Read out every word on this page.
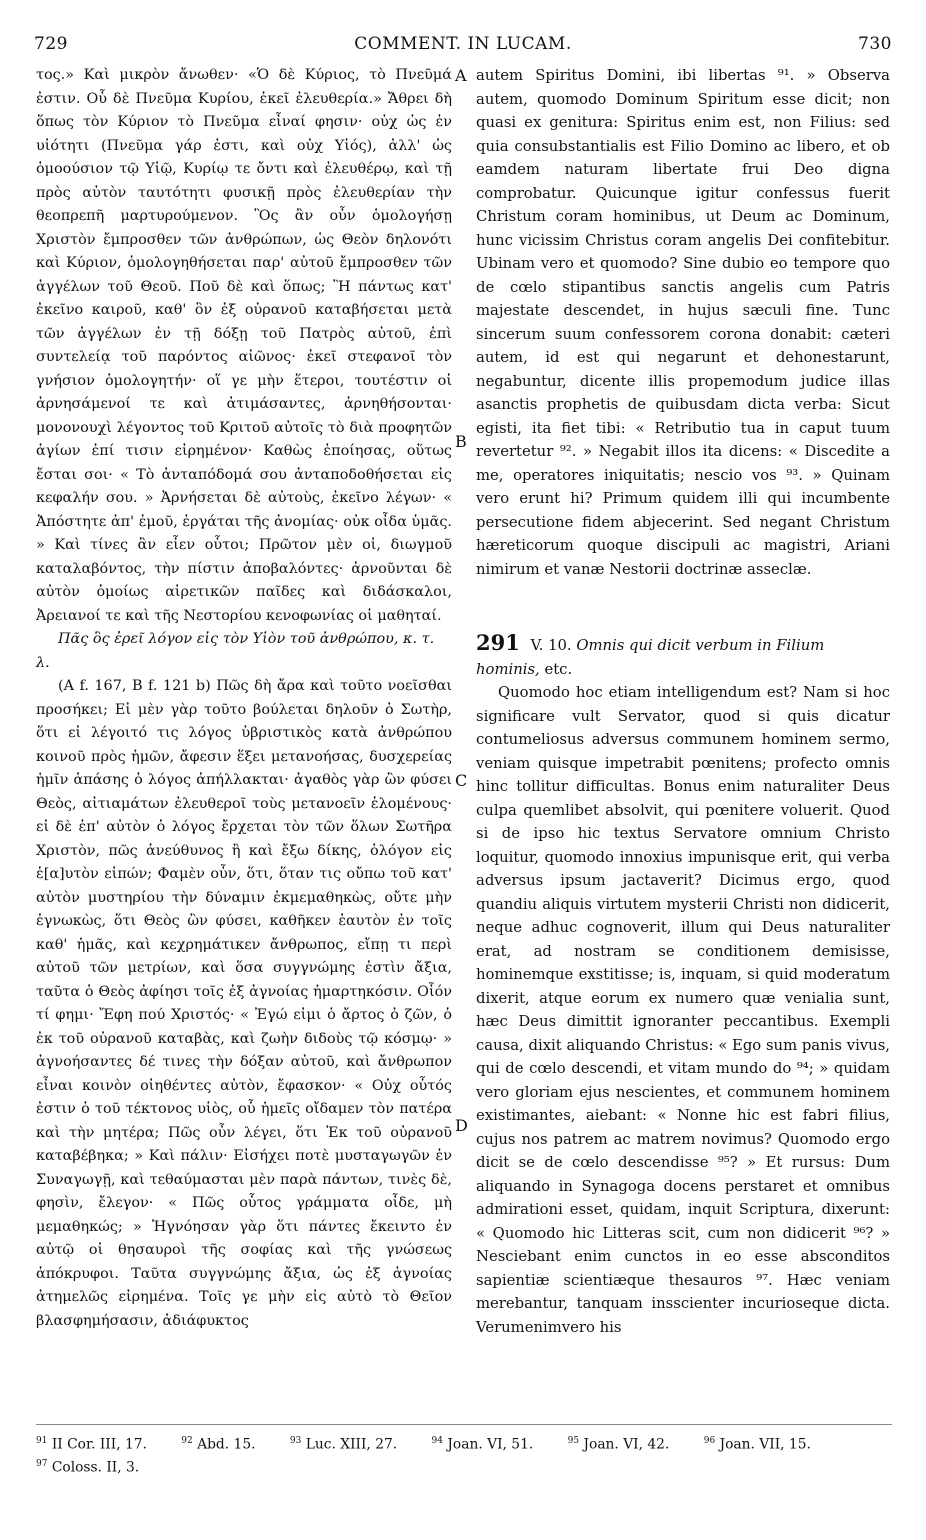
729	COMMENT. IN LUCAM.	730
A
B
C
D
τος.» Καὶ μικρὸν ἄνωθεν· «Ὁ δὲ Κύριος, τὸ Πνεῦμά ἐστιν. Οὗ δὲ Πνεῦμα Κυρίου, ἐκεῖ ἐλευθερία.» Ἄθρει δὴ ὅπως τὸν Κύριον τὸ Πνεῦμα εἶναί φησιν· οὐχ ὡς ἐν υἱότητι (Πνεῦμα γάρ ἐστι, καὶ οὐχ Υἱός), ἀλλ' ὡς ὁμοούσιον τῷ Υἱῷ, Κυρίῳ τε ὄντι καὶ ἐλευθέρῳ, καὶ τῇ πρὸς αὐτὸν ταυτότητι φυσικῇ πρὸς ἐλευθερίαν τὴν θεοπρεπῆ μαρτυρούμενον. Ὃς ἂν οὖν ὁμολογήσῃ Χριστὸν ἔμπροσθεν τῶν ἀνθρώπων, ὡς Θεὸν δηλονότι καὶ Κύριον, ὁμολογηθήσεται παρ' αὐτοῦ ἔμπροσθεν τῶν ἀγγέλων τοῦ Θεοῦ. Ποῦ δὲ καὶ ὅπως; Ἢ πάντως κατ' ἐκεῖνο καιροῦ, καθ' ὃν ἐξ οὐρανοῦ καταβήσεται μετὰ τῶν ἀγγέλων ἐν τῇ δόξῃ τοῦ Πατρὸς αὐτοῦ, ἐπὶ συντελείᾳ τοῦ παρόντος αἰῶνος· ἐκεῖ στεφανοῖ τὸν γνήσιον ὁμολογητήν· οἵ γε μὴν ἕτεροι, τουτέστιν οἱ ἀρνησάμενοί τε καὶ ἀτιμάσαντες, ἀρνηθήσονται· μονονουχὶ λέγοντος τοῦ Κριτοῦ αὐτοῖς τὸ διὰ προφητῶν ἁγίων ἐπί τισιν εἰρημένον· Καθὼς ἐποίησας, οὕτως ἔσται σοι· « Τὸ ἀνταπόδομά σου ἀνταποδοθήσεται εἰς κεφαλήν σου. » Ἀρνήσεται δὲ αὐτοὺς, ἐκεῖνο λέγων· « Ἀπόστητε ἀπ' ἐμοῦ, ἐργάται τῆς ἀνομίας· οὐκ οἶδα ὑμᾶς. » Καὶ τίνες ἂν εἶεν οὗτοι; Πρῶτον μὲν οἱ, διωγμοῦ καταλαβόντος, τὴν πίστιν ἀποβαλόντες· ἀρνοῦνται δὲ αὐτὸν ὁμοίως αἱρετικῶν παῖδες καὶ διδάσκαλοι, Ἀρειανοί τε καὶ τῆς Νεστορίου κενοφωνίας οἱ μαθηταί.
Πᾶς ὃς ἐρεῖ λόγον εἰς τὸν Υἱὸν τοῦ ἀνθρώπου, κ. τ. λ.
(A f. 167, B f. 121 b) Πῶς δὴ ἄρα καὶ τοῦτο νοεῖσθαι προσήκει; Εἰ μὲν γὰρ τοῦτο βούλεται δηλοῦν ὁ Σωτὴρ, ὅτι εἰ λέγοιτό τις λόγος ὑβριστικὸς κατὰ ἀνθρώπου κοινοῦ πρὸς ἡμῶν, ἄφεσιν ἕξει μετανοήσας, δυσχερείας ἡμῖν ἁπάσης ὁ λόγος ἀπήλλακται· ἀγαθὸς γὰρ ὢν φύσει Θεὸς, αἰτιαμάτων ἐλευθεροῖ τοὺς μετανοεῖν ἑλομένους· εἰ δὲ ἐπ' αὐτὸν ὁ λόγος ἔρχεται τὸν τῶν ὅλων Σωτῆρα Χριστὸν, πῶς ἀνεύθυνος ἢ καὶ ἔξω δίκης, ὁλόγον εἰς ἑ[α]υτὸν εἰπών; Φαμὲν οὖν, ὅτι, ὅταν τις οὔπω τοῦ κατ' αὐτὸν μυστηρίου τὴν δύναμιν ἐκμεμαθηκὼς, οὔτε μὴν ἐγνωκὼς, ὅτι Θεὸς ὢν φύσει, καθῆκεν ἑαυτὸν ἐν τοῖς καθ' ἡμᾶς, καὶ κεχρημάτικεν ἄνθρωπος, εἴπῃ τι περὶ αὐτοῦ τῶν μετρίων, καὶ ὅσα συγγνώμης ἐστὶν ἄξια, ταῦτα ὁ Θεὸς ἀφίησι τοῖς ἐξ ἀγνοίας ἡμαρτηκόσιν. Οἷόν τί φημι· Ἔφη πού Χριστός· « Ἐγώ εἰμι ὁ ἄρτος ὁ ζῶν, ὁ ἐκ τοῦ οὐρανοῦ καταβὰς, καὶ ζωὴν διδοὺς τῷ κόσμῳ· » ἀγνοήσαντες δέ τινες τὴν δόξαν αὐτοῦ, καὶ ἄνθρωπον εἶναι κοινὸν οἰηθέντες αὐτὸν, ἔφασκον· « Οὐχ οὗτός ἐστιν ὁ τοῦ τέκτονος υἱὸς, οὗ ἡμεῖς οἴδαμεν τὸν πατέρα καὶ τὴν μητέρα; Πῶς οὖν λέγει, ὅτι Ἐκ τοῦ οὐρανοῦ καταβέβηκα; » Καὶ πάλιν· Εἰσήχει ποτὲ μυσταγωγῶν ἐν Συναγωγῇ, καὶ τεθαύμασται μὲν παρὰ πάντων, τινὲς δὲ, φησὶν, ἔλεγον· « Πῶς οὗτος γράμματα οἶδε, μὴ μεμαθηκώς; » Ἠγνόησαν γὰρ ὅτι πάντες ἔκειντο ἐν αὐτῷ οἱ θησαυροὶ τῆς σοφίας καὶ τῆς γνώσεως ἀπόκρυφοι. Ταῦτα συγγνώμης ἄξια, ὡς ἐξ ἀγνοίας ἀτημελῶς εἰρημένα. Τοῖς γε μὴν εἰς αὐτὸ τὸ Θεῖον βλασφημήσασιν, ἀδιάφυκτος
autem Spiritus Domini, ibi libertas ⁹¹. » Observa autem, quomodo Dominum Spiritum esse dicit; non quasi ex genitura: Spiritus enim est, non Filius: sed quia consubstantialis est Filio Domino ac libero, et ob eamdem naturam libertate frui Deo digna comprobatur. Quicunque igitur confessus fuerit Christum coram hominibus, ut Deum ac Dominum, hunc vicissim Christus coram angelis Dei confitebitur. Ubinam vero et quomodo? Sine dubio eo tempore quo de cœlo stipantibus sanctis angelis cum Patris majestate descendet, in hujus sæculi fine. Tunc sincerum suum confessorem corona donabit: cæteri autem, id est qui negarunt et dehonestarunt, negabuntur, dicente illis propemodum judice illas asanctis prophetis de quibusdam dicta verba: Sicut egisti, ita fiet tibi: « Retributio tua in caput tuum revertetur ⁹². » Negabit illos ita dicens: « Discedite a me, operatores iniquitatis; nescio vos ⁹³. » Quinam vero erunt hi? Primum quidem illi qui incumbente persecutione fidem abjecerint. Sed negant Christum hæreticorum quoque discipuli ac magistri, Ariani nimirum et vanæ Nestorii doctrinæ asseclæ.
291 V. 10. Omnis qui dicit verbum in Filium hominis, etc.
Quomodo hoc etiam intelligendum est? Nam si hoc significare vult Servator, quod si quis dicatur contumeliosus adversus communem hominem sermo, veniam quisque impetrabit pœnitens; profecto omnis hinc tollitur difficultas. Bonus enim naturaliter Deus culpa quemlibet absolvit, qui pœnitere voluerit. Quod si de ipso hic textus Servatore omnium Christo loquitur, quomodo innoxius impunisque erit, qui verba adversus ipsum jactaverit? Dicimus ergo, quod quandiu aliquis virtutem mysterii Christi non didicerit, neque adhuc cognoverit, illum qui Deus naturaliter erat, ad nostram se conditionem demisisse, hominemque exstitisse; is, inquam, si quid moderatum dixerit, atque eorum ex numero quæ venialia sunt, hæc Deus dimittit ignoranter peccantibus. Exempli causa, dixit aliquando Christus: « Ego sum panis vivus, qui de cœlo descendi, et vitam mundo do ⁹⁴; » quidam vero gloriam ejus nescientes, et communem hominem existimantes, aiebant: « Nonne hic est fabri filius, cujus nos patrem ac matrem novimus? Quomodo ergo dicit se de cœlo descendisse ⁹⁵? » Et rursus: Dum aliquando in Synagoga docens perstaret et omnibus admirationi esset, quidam, inquit Scriptura, dixerunt: « Quomodo hic Litteras scit, cum non didicerit ⁹⁶? » Nesciebant enim cunctos in eo esse absconditos sapientiæ scientiæque thesauros ⁹⁷. Hæc veniam merebantur, tanquam insscienter incurioseque dicta. Verumenimvero his
$^{91}$ II Cor. III, 17.	$^{92}$ Abd. 15.	$^{93}$ Luc. XIII, 27.	$^{94}$ Joan. VI, 51.	$^{95}$ Joan. VI, 42.	$^{96}$ Joan. VII, 15.
$^{97}$ Coloss. II, 3.
